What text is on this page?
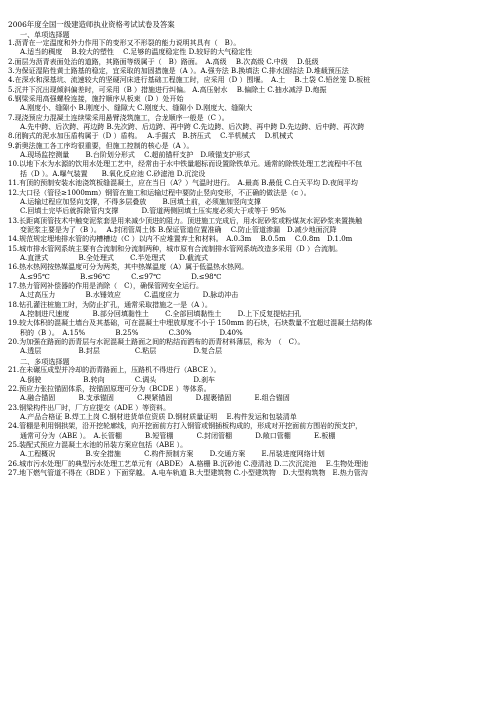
2006年度全国一级建造师执业资格考试试卷及答案
一、单项选择题
1.沥青在一定温度和外力作用下的变形又不形裂的能力说明其具有（　B）。
A.适当的稠度　 B.较大的塑性　 C.足够的温度稳定性 D.较好的大气稳定性
2.面层为沥青表面处治的道路，其路面等级属于（　B）路面。　A.高级　 B.次高级 C.中级　 D.低级
3.为保证湿陷性黄土路基的稳定，宜采取的加固措施是（A ）。A.强夯法 B.换填法 C.排水固结法 D.堆载预压法
4.在深水和深基坑、流速较大的坚硬河床进行基础工程施工时，应采用（D ）围堰。　A.土　 B.土袋 C.铅丝笼 D.板桩
5.沉井下沉出现倾斜偏差时，可采用（B ）措施进行纠偏。 A.高压射水　 B.偏除土 C.抽水减浮 D.炮振
6.钢梁采用高强螺栓连接，施拧顺序从板束（D ）处开始
A.刚度小、缝隙小 B.刚度小、缝隙大 C.刚度大、缝隙小 D.刚度大、缝隙大
7.现浇预应力混凝土连续梁采用悬臂浇筑施工，合龙顺序一般是（C ）。
A.先中跨、后次跨、再边跨 B.先次跨、后边跨、再中跨 C.先边跨、后次跨、再中跨 D.先边跨、后中跨、再次跨
8.闭胸式的泥水加压盾构属于（D ）盾构。　 A.手掘式　B.挤压式　 C.半机械式　 D.机械式
9.新奥法施工各工序均很重要，但施工控制的核心是（A ）。
A.现场监控测量　　 B.台阶划分形式　 C.超前锚杆支护　D.喷锚支护形式
10.以地下水为水源的饮用水处理工艺中，经常由于水中铁量超标而设置除铁单元。通常的除铁处理工艺流程中不包
括（D ）。A.曝气装置　　B.氧化反应池 C.砂滤池 D.沉淀设
11.有顶的预制安装水池浇筑板缝混凝土，应在当日（A？）气温时进行。　A.最高 B.最低 C.白天平均 D.夜间平均
12.大口径（管径≥1000mm）钢管在施工和运输过程中要防止竖向变形，不正确的做法是（c ）。
A.运输过程应加竖向支撑，不得多层叠放　　 B.回填土前，必须施加竖向支撑
C.回填土完毕后就拆除管内支撑　　　 D.管道两侧回填土压实度必须大于或等于 95%
13.长距离顶管技术中触变泥浆套是用来减少顶进的阻力。顶进施工完成后，用水泥砂浆或粉煤灰水泥砂浆来置换触
变泥浆主要是为了（B ）。　 A.封闭管周土体 B.保证管道位置准确　 C.防止管道渗漏　D.减少地面沉降
14.规范规定埋地排水管的沟槽槽边（C ）以内不应堆置弃土和材料。　A.0.3m　 B.0.5m　 C.0.8m　D.1.0m
15.城市排水管网系统主要有合流制和分流制两种，城市原有合流制排水管网系统改造多采用（D ）合流制。
A.直泄式　　　　 B.全处理式　　 C.半处理式　　D.截流式
16.热水热网按热媒温度可分为两类，其中热媒温度（A）属于低温热水热网。
A.≤95℃　　　　 B.≤96℃　　　C.≤97℃　　　　 D.≤98℃
17.热力管网补偿器的作用是消除（　C），确保管网安全运行。
A.过高压力　　　　 B.水锤效应　　　 C.温度应力　　　 D.脉动冲击
18.钻孔灌注桩施工时，为防止扩孔，通常采取措施之一是（A ）。
A.控制进尺速度　　　 B.部分回填黏性土　　 C.全部回填黏性土　　 D.上下反复提钻扫孔
19.较大体积的混凝土墙台及其基础，可在混凝土中埋放厚度不小于 150mm 的石块，石块数量不宜超过混凝土结构体
积的（B ）。　A.15%　　　　 B.25%　　　　 C.30%　　　　D.40%
20.为加强在路面的沥青层与水泥混凝土路面之间的粘结而洒布的沥青材料薄层，称为　（　C）。
A.透层　　　　　 B.封层　　　　　C.粘层　　　　　 D.复合层
二、多项选择题
21.在未碾压成型并冷却的沥青路面上，压路机不得进行（ABCE ）。
A.倒驶　　　　　　B.转向　　　　 C.调头　　　　　 D.刹车
22.预应力张拉锚固体系，按锚固原理可分为（BCDE ）等体系。
A.融合锚固　　　 B.支承锚固　　　 C.楔紧锚固　　　 D.握裹锚固　　　 E.组合锚固
23.钢梁构件出厂时，厂方应提交（ADE ）等资料。
A.产品合格证 B.焊工上岗 C.钢材进货单位资质 D.钢材质量证明　 E.构件发运和包装清单
24.管棚是利用钢拱架，沿开挖轮廓线，向开挖面前方打入钢管或钢插板构成的，形成对开挖面前方围岩的预支护，
通常可分为（ABE ）。　A.长管棚　　　 B.短管棚　　　 C.封闭管棚　　　 D.敞口管棚　　　 E.板棚
25.装配式预应力混凝土水池的吊装方案应包括（ABE ）。
A.工程概况　　　　 B.安全措施　　　 C.构件预制方案　　 D.交通方案　　 E.吊装进度网络计划
26.城市污水处理厂的典型污水处理工艺单元有（ABDE） A.格栅 B.沉砂池 C.澄清池 D.二次沉淀池　 E.生物处理池
27.地下燃气管道不得在（BDE ）下面穿越。 A.电车轨道 B.大型建筑物 C.小型建筑物　D.大型构筑物　E.热力管沟
